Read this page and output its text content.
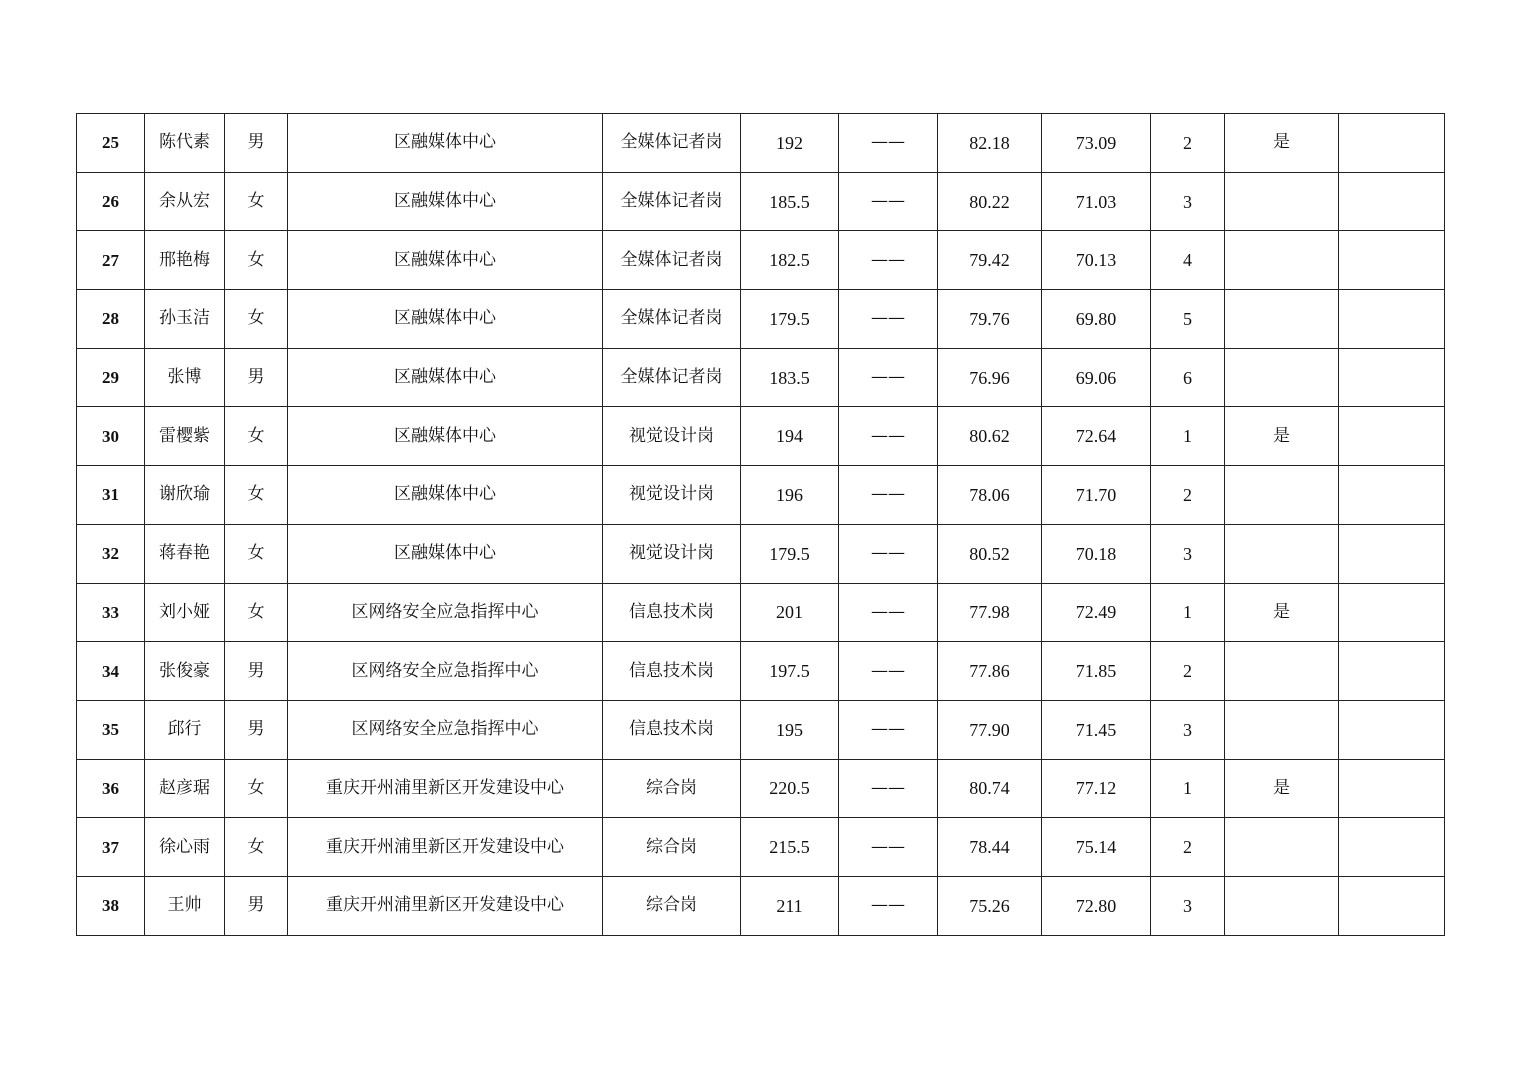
25	陈代素	男	区融媒体中心	全媒体记者岗	192	——	82.18	73.09	2	是	
26	余从宏	女	区融媒体中心	全媒体记者岗	185.5	——	80.22	71.03	3		
27	邢艳梅	女	区融媒体中心	全媒体记者岗	182.5	——	79.42	70.13	4		
28	孙玉洁	女	区融媒体中心	全媒体记者岗	179.5	——	79.76	69.80	5		
29	张博	男	区融媒体中心	全媒体记者岗	183.5	——	76.96	69.06	6		
30	雷樱紫	女	区融媒体中心	视觉设计岗	194	——	80.62	72.64	1	是	
31	谢欣瑜	女	区融媒体中心	视觉设计岗	196	——	78.06	71.70	2		
32	蒋春艳	女	区融媒体中心	视觉设计岗	179.5	——	80.52	70.18	3		
33	刘小娅	女	区网络安全应急指挥中心	信息技术岗	201	——	77.98	72.49	1	是	
34	张俊豪	男	区网络安全应急指挥中心	信息技术岗	197.5	——	77.86	71.85	2		
35	邱行	男	区网络安全应急指挥中心	信息技术岗	195	——	77.90	71.45	3		
36	赵彦琚	女	重庆开州浦里新区开发建设中心	综合岗	220.5	——	80.74	77.12	1	是	
37	徐心雨	女	重庆开州浦里新区开发建设中心	综合岗	215.5	——	78.44	75.14	2		
38	王帅	男	重庆开州浦里新区开发建设中心	综合岗	211	——	75.26	72.80	3		
